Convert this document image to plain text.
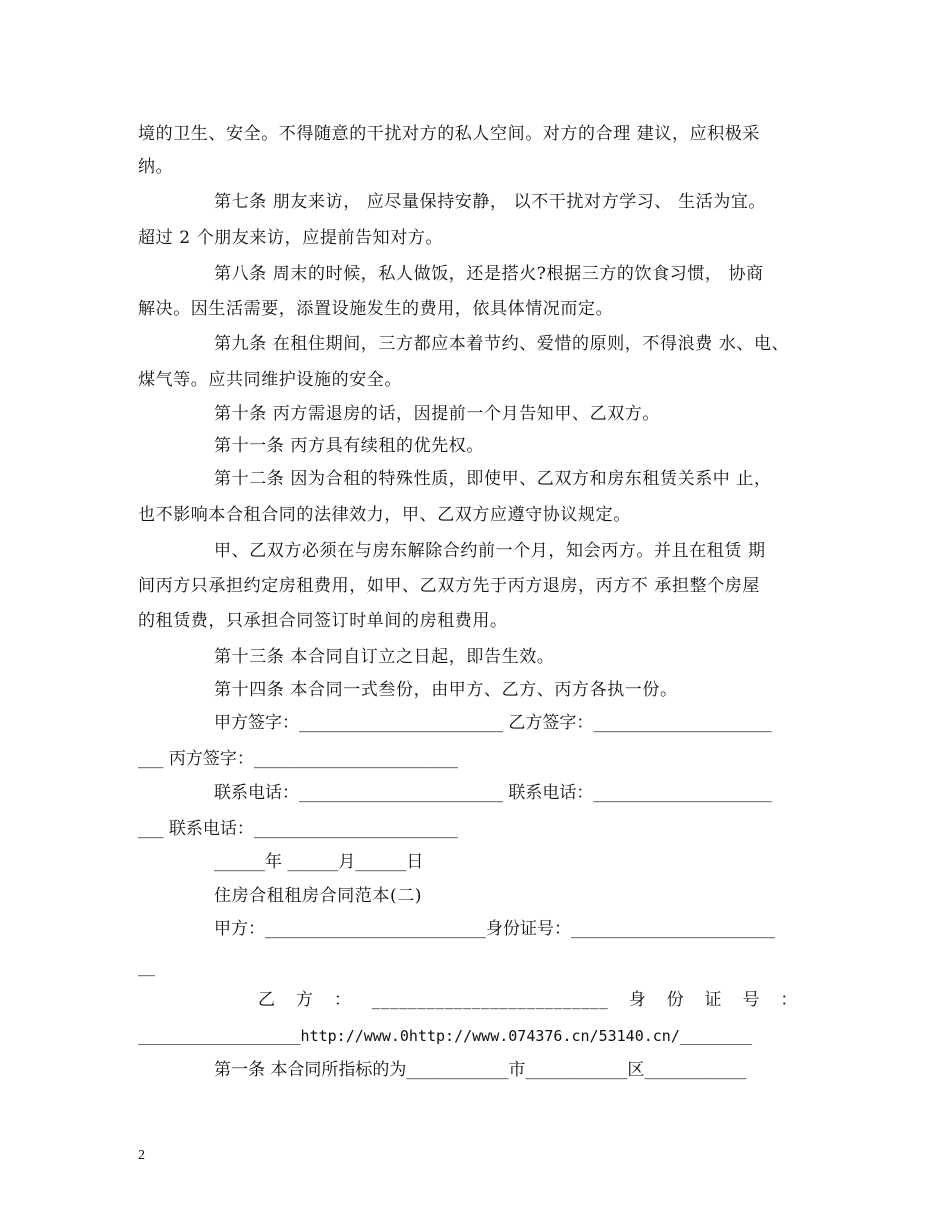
境的卫生、安全。不得随意的干扰对方的私人空间。对方的合理 建议，应积极采
纳。
第七条 朋友来访， 应尽量保持安静， 以不干扰对方学习、 生活为宜。
超过 2 个朋友来访，应提前告知对方。
第八条 周末的时候，私人做饭，还是搭火?根据三方的饮食习惯， 协商
解决。因生活需要，添置设施发生的费用，依具体情况而定。
第九条 在租住期间，三方都应本着节约、爱惜的原则，不得浪费 水、电、
煤气等。应共同维护设施的安全。
第十条 丙方需退房的话，因提前一个月告知甲、乙双方。
第十一条 丙方具有续租的优先权。
第十二条 因为合租的特殊性质，即使甲、乙双方和房东租赁关系中 止，
也不影响本合租合同的法律效力，甲、乙双方应遵守协议规定。
甲、乙双方必须在与房东解除合约前一个月，知会丙方。并且在租赁 期
间丙方只承担约定房租费用，如甲、乙双方先于丙方退房，丙方不 承担整个房屋
的租赁费，只承担合同签订时单间的房租费用。
第十三条 本合同自订立之日起，即告生效。
第十四条 本合同一式叁份，由甲方、乙方、丙方各执一份。
甲方签字：________________________ 乙方签字：_____________________
___ 丙方签字：________________________
联系电话：________________________ 联系电话：_____________________
___ 联系电话：________________________
______年 ______月______日
住房合租租房合同范本(二)
甲方：__________________________身份证号：________________________
__
乙 方 ： __________________________ 身 份 证 号 ：
__________________http://www.0http://www.074376.cn/53140.cn/________
第一条 本合同所指标的为____________市____________区____________
2
